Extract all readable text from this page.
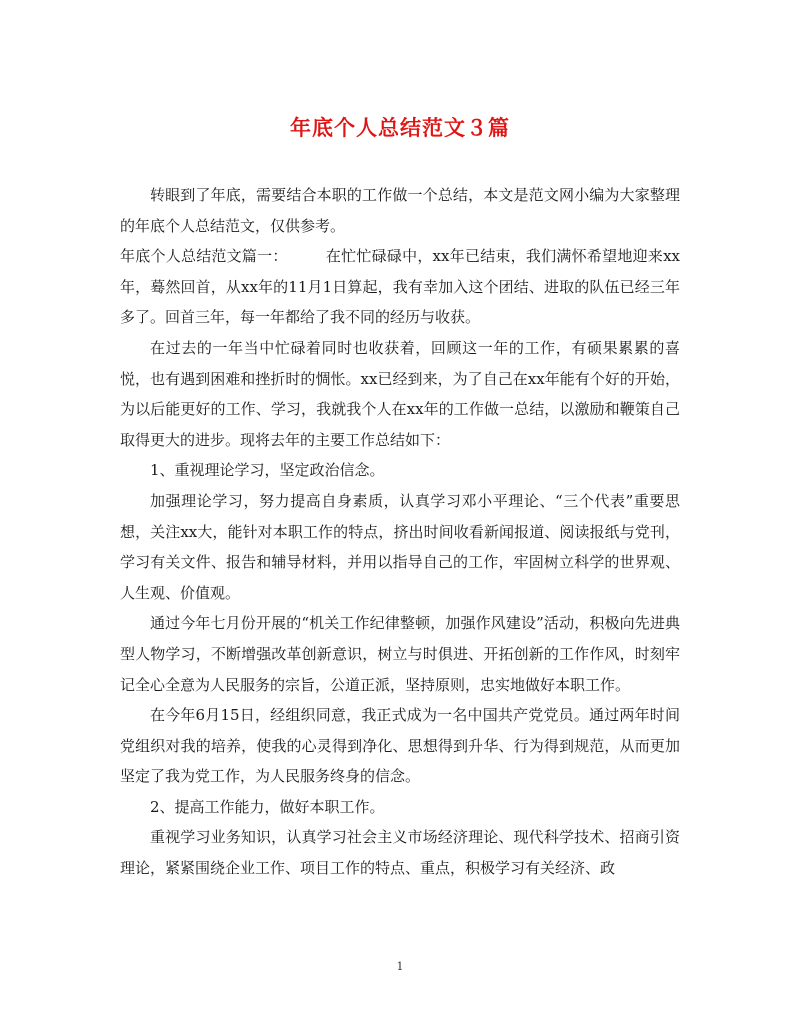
年底个人总结范文３篇

转眼到了年底，需要结合本职的工作做一个总结，本文是范文网小编为大家整理的年底个人总结范文，仅供参考。

年底个人总结范文篇一：	在忙忙碌碌中，xx年已结束，我们满怀希望地迎来xx年，蓦然回首，从xx年的11月1日算起，我有幸加入这个团结、进取的队伍已经三年多了。回首三年，每一年都给了我不同的经历与收获。

在过去的一年当中忙碌着同时也收获着，回顾这一年的工作，有硕果累累的喜悦，也有遇到困难和挫折时的惆怅。xx已经到来，为了自己在xx年能有个好的开始，为以后能更好的工作、学习，我就我个人在xx年的工作做一总结，以激励和鞭策自己取得更大的进步。现将去年的主要工作总结如下：

1、重视理论学习，坚定政治信念。

加强理论学习，努力提高自身素质，认真学习邓小平理论、“三个代表”重要思想，关注xx大，能针对本职工作的特点，挤出时间收看新闻报道、阅读报纸与党刊，学习有关文件、报告和辅导材料，并用以指导自己的工作，牢固树立科学的世界观、人生观、价值观。

通过今年七月份开展的“机关工作纪律整顿，加强作风建设”活动，积极向先进典型人物学习，不断增强改革创新意识，树立与时俱进、开拓创新的工作作风，时刻牢记全心全意为人民服务的宗旨，公道正派，坚持原则，忠实地做好本职工作。

在今年6月15日，经组织同意，我正式成为一名中国共产党党员。通过两年时间党组织对我的培养，使我的心灵得到净化、思想得到升华、行为得到规范，从而更加坚定了我为党工作，为人民服务终身的信念。

2、提高工作能力，做好本职工作。

重视学习业务知识，认真学习社会主义市场经济理论、现代科学技术、招商引资理论，紧紧围绕企业工作、项目工作的特点、重点，积极学习有关经济、政

1
